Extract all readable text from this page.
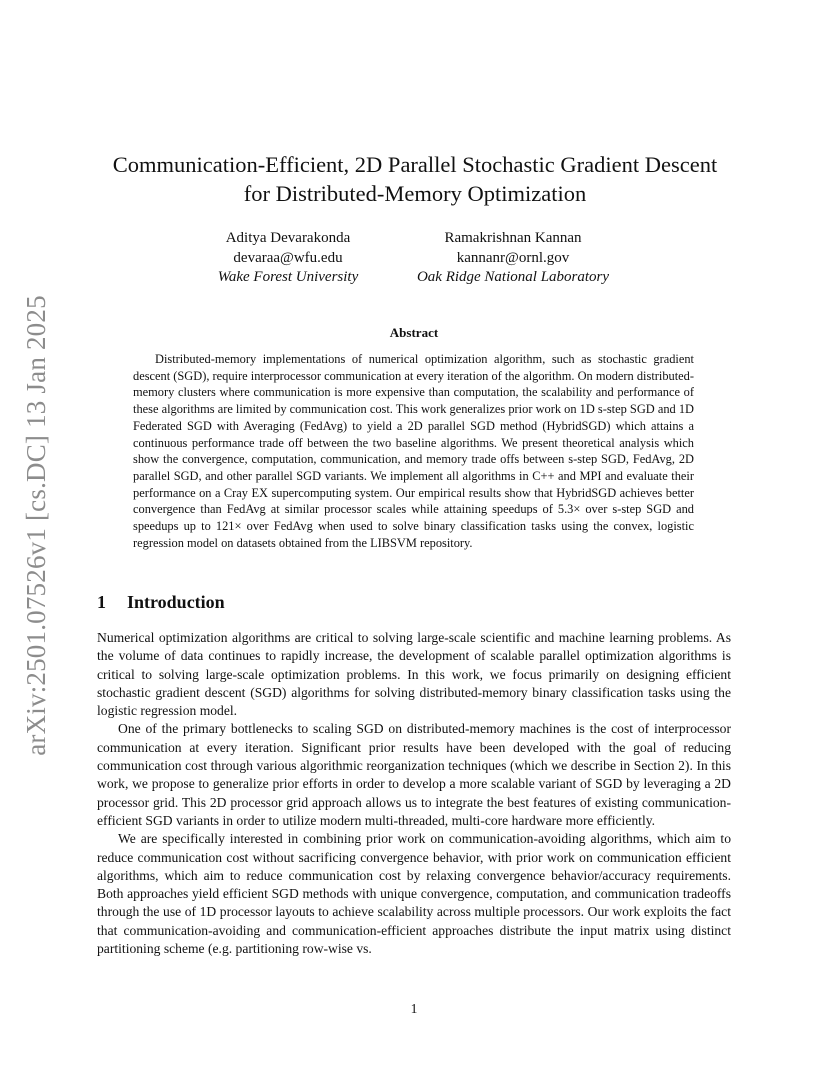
arXiv:2501.07526v1 [cs.DC] 13 Jan 2025
Communication-Efficient, 2D Parallel Stochastic Gradient Descent
for Distributed-Memory Optimization
Aditya Devarakonda
devaraa@wfu.edu
Wake Forest University
Ramakrishnan Kannan
kannanr@ornl.gov
Oak Ridge National Laboratory
Abstract

Distributed-memory implementations of numerical optimization algorithm, such as stochastic gradient descent (SGD), require interprocessor communication at every iteration of the algorithm. On modern distributed-memory clusters where communication is more expensive than computation, the scalability and performance of these algorithms are limited by communication cost. This work generalizes prior work on 1D s-step SGD and 1D Federated SGD with Averaging (FedAvg) to yield a 2D parallel SGD method (HybridSGD) which attains a continuous performance trade off between the two baseline algorithms. We present theoretical analysis which show the convergence, computation, communication, and memory trade offs between s-step SGD, FedAvg, 2D parallel SGD, and other parallel SGD variants. We implement all algorithms in C++ and MPI and evaluate their performance on a Cray EX supercomputing system. Our empirical results show that HybridSGD achieves better convergence than FedAvg at similar processor scales while attaining speedups of 5.3× over s-step SGD and speedups up to 121× over FedAvg when used to solve binary classification tasks using the convex, logistic regression model on datasets obtained from the LIBSVM repository.

1 Introduction

Numerical optimization algorithms are critical to solving large-scale scientific and machine learning problems. As the volume of data continues to rapidly increase, the development of scalable parallel optimization algorithms is critical to solving large-scale optimization problems. In this work, we focus primarily on designing efficient stochastic gradient descent (SGD) algorithms for solving distributed-memory binary classification tasks using the logistic regression model.

One of the primary bottlenecks to scaling SGD on distributed-memory machines is the cost of interprocessor communication at every iteration. Significant prior results have been developed with the goal of reducing communication cost through various algorithmic reorganization techniques (which we describe in Section 2). In this work, we propose to generalize prior efforts in order to develop a more scalable variant of SGD by leveraging a 2D processor grid. This 2D processor grid approach allows us to integrate the best features of existing communication-efficient SGD variants in order to utilize modern multi-threaded, multi-core hardware more efficiently.

We are specifically interested in combining prior work on communication-avoiding algorithms, which aim to reduce communication cost without sacrificing convergence behavior, with prior work on communication efficient algorithms, which aim to reduce communication cost by relaxing convergence behavior/accuracy requirements. Both approaches yield efficient SGD methods with unique convergence, computation, and communication tradeoffs through the use of 1D processor layouts to achieve scalability across multiple processors. Our work exploits the fact that communication-avoiding and communication-efficient approaches distribute the input matrix using distinct partitioning scheme (e.g. partitioning row-wise vs.

1
